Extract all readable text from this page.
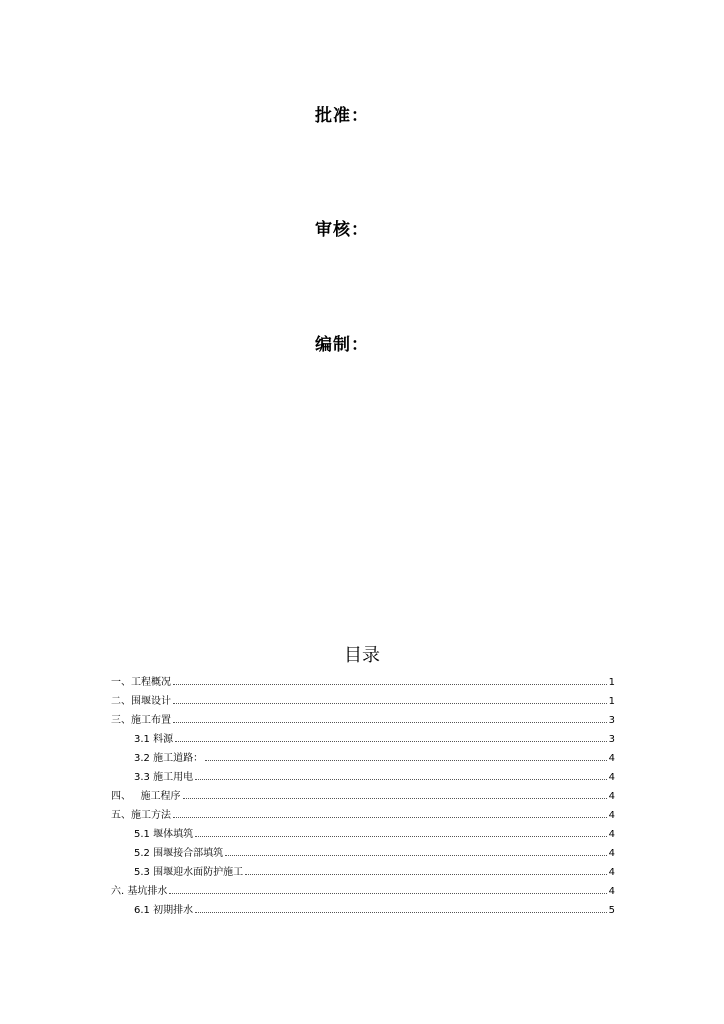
批准：

审核：

编制：

目录
一、工程概况	1
二、围堰设计	1
三、施工布置	3
3.1 料源	3
3.2 施工道路：	4
3.3 施工用电	4
四、   施工程序	4
五、施工方法	4
5.1 堰体填筑	4
5.2 围堰接合部填筑	4
5.3 围堰迎水面防护施工	4
六. 基坑排水	4
6.1 初期排水	5
